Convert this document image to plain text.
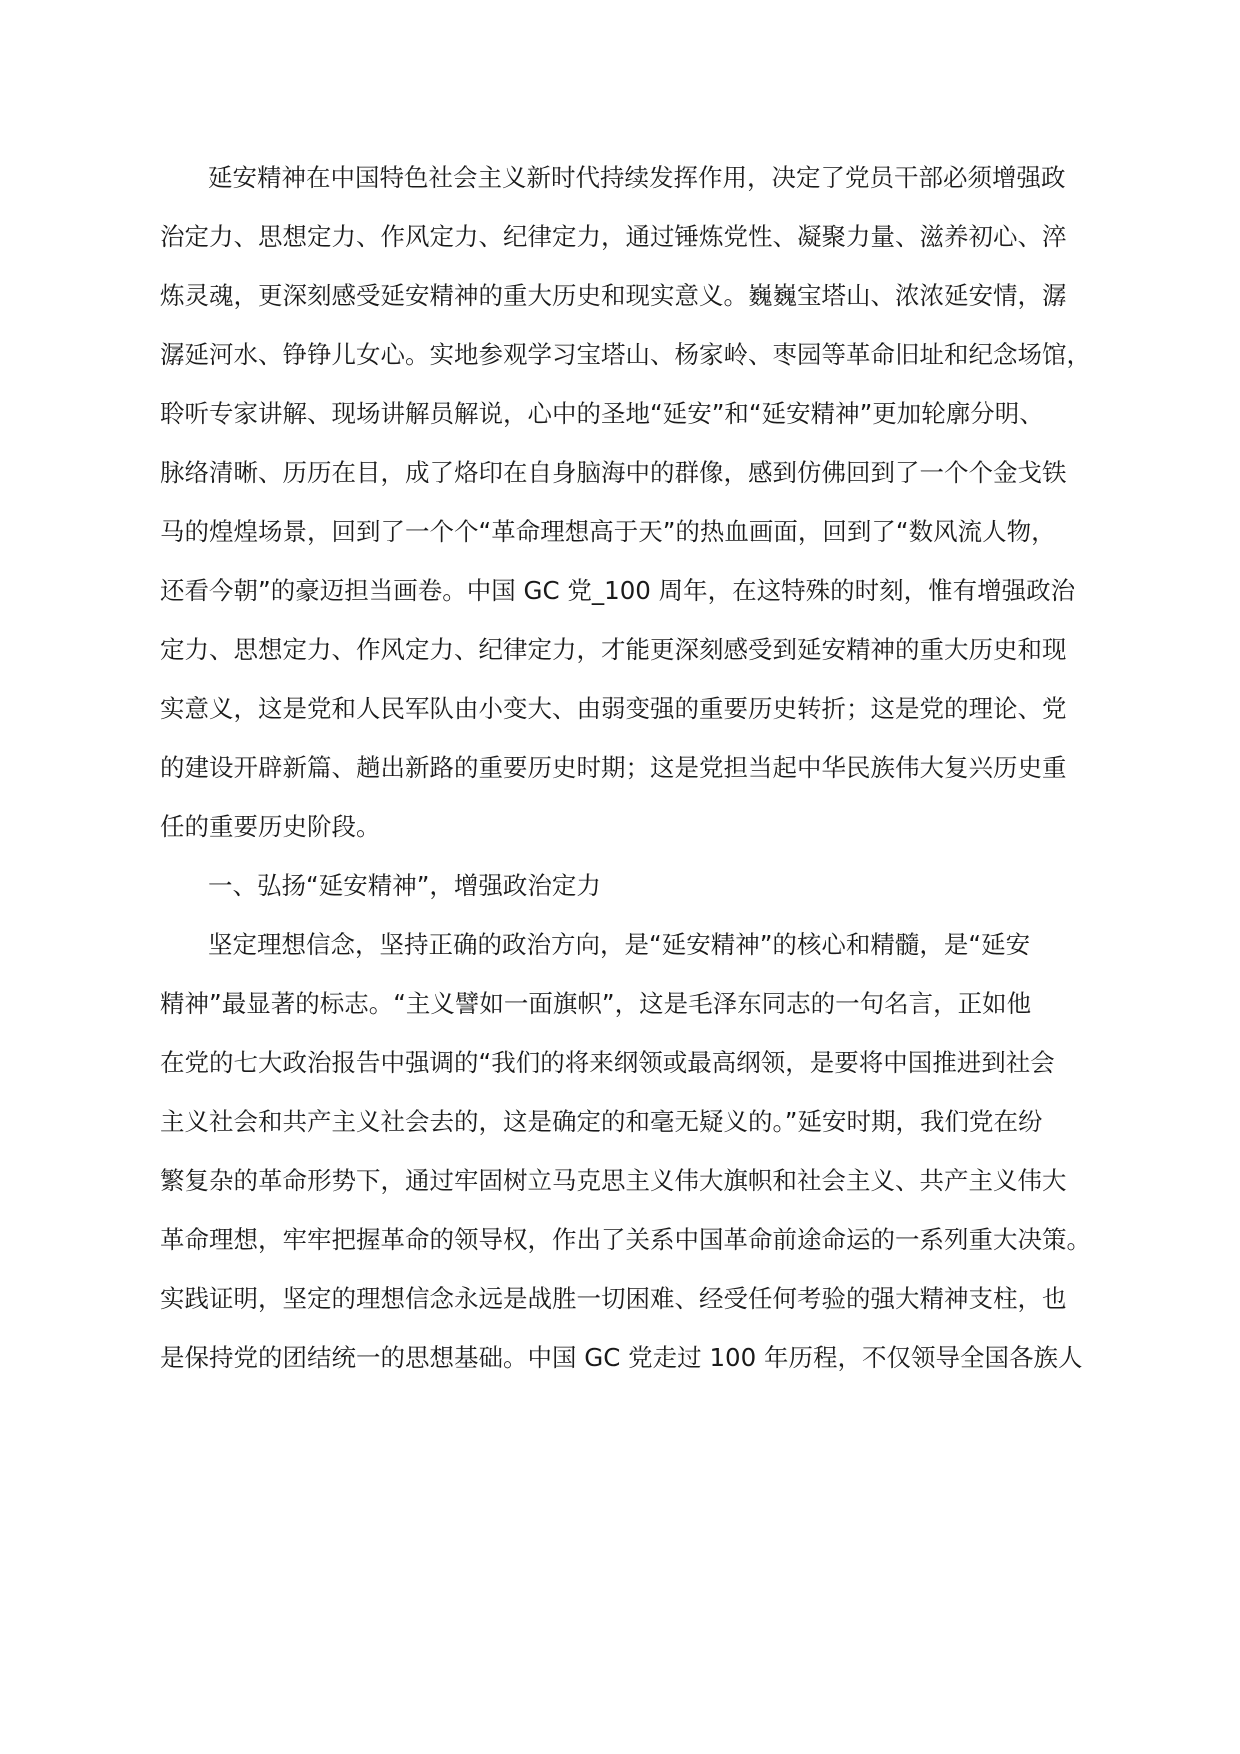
延安精神在中国特色社会主义新时代持续发挥作用，决定了党员干部必须增强政
治定力、思想定力、作风定力、纪律定力，通过锤炼党性、凝聚力量、滋养初心、淬
炼灵魂，更深刻感受延安精神的重大历史和现实意义。巍巍宝塔山、浓浓延安情，潺
潺延河水、铮铮儿女心。实地参观学习宝塔山、杨家岭、枣园等革命旧址和纪念场馆，
聆听专家讲解、现场讲解员解说，心中的圣地“延安”和“延安精神”更加轮廓分明、
脉络清晰、历历在目，成了烙印在自身脑海中的群像，感到仿佛回到了一个个金戈铁
马的煌煌场景，回到了一个个“革命理想高于天”的热血画面，回到了“数风流人物，
还看今朝”的豪迈担当画卷。中国 GC 党_100 周年，在这特殊的时刻，惟有增强政治
定力、思想定力、作风定力、纪律定力，才能更深刻感受到延安精神的重大历史和现
实意义，这是党和人民军队由小变大、由弱变强的重要历史转折；这是党的理论、党
的建设开辟新篇、趟出新路的重要历史时期；这是党担当起中华民族伟大复兴历史重
任的重要历史阶段。
一、弘扬“延安精神”，增强政治定力
坚定理想信念，坚持正确的政治方向，是“延安精神”的核心和精髓，是“延安
精神”最显著的标志。“主义譬如一面旗帜”，这是毛泽东同志的一句名言，正如他
在党的七大政治报告中强调的“我们的将来纲领或最高纲领，是要将中国推进到社会
主义社会和共产主义社会去的，这是确定的和毫无疑义的。”延安时期，我们党在纷
繁复杂的革命形势下，通过牢固树立马克思主义伟大旗帜和社会主义、共产主义伟大
革命理想，牢牢把握革命的领导权，作出了关系中国革命前途命运的一系列重大决策。
实践证明，坚定的理想信念永远是战胜一切困难、经受任何考验的强大精神支柱，也
是保持党的团结统一的思想基础。中国 GC 党走过 100 年历程，不仅领导全国各族人
